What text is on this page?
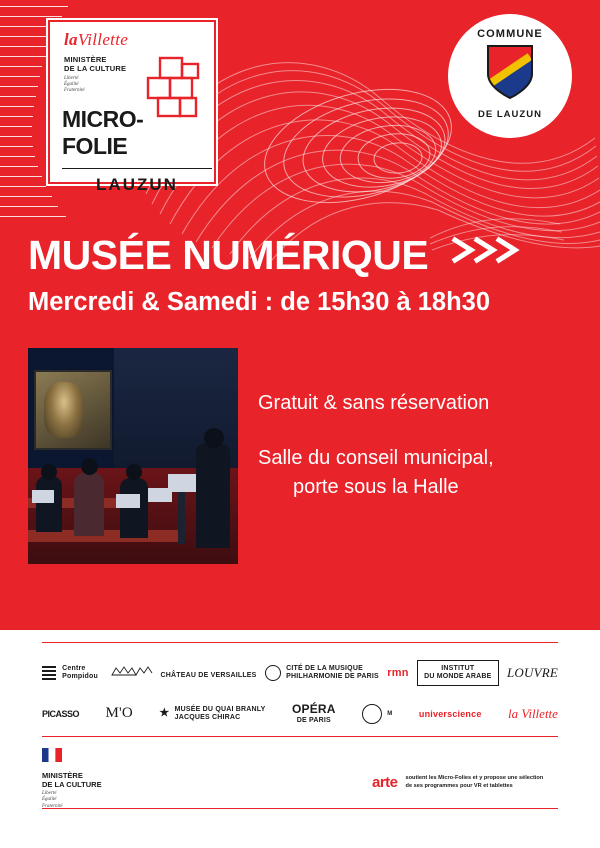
laVillette
MINISTÈRE
DE LA CULTURE
Liberté
Égalité
Fraternité
MICRO-FOLIE
LAUZUN
COMMUNE
DE LAUZUN
MUSÉE NUMÉRIQUE
Mercredi & Samedi : de 15h30 à 18h30
Gratuit & sans réservation
Salle du conseil municipal,
porte sous la Halle

Centre
Pompidou	CHÂTEAU DE VERSAILLES

CITÉ DE LA MUSIQUE
PHILHARMONIE DE PARIS rmn	INSTITUT
DU MONDE ARABE LOUVRE
PICASSO M'O ★ MUSÉE DU QUAI BRANLY
JACQUES CHIRAC
OPÉRA
DE PARIS
M	universcience la Villette
MINISTÈRE
DE LA CULTURE
Liberté
Égalité
Fraternité
arte soutient les Micro-Folies et y propose une sélection
de ses programmes pour VR et tablettes
